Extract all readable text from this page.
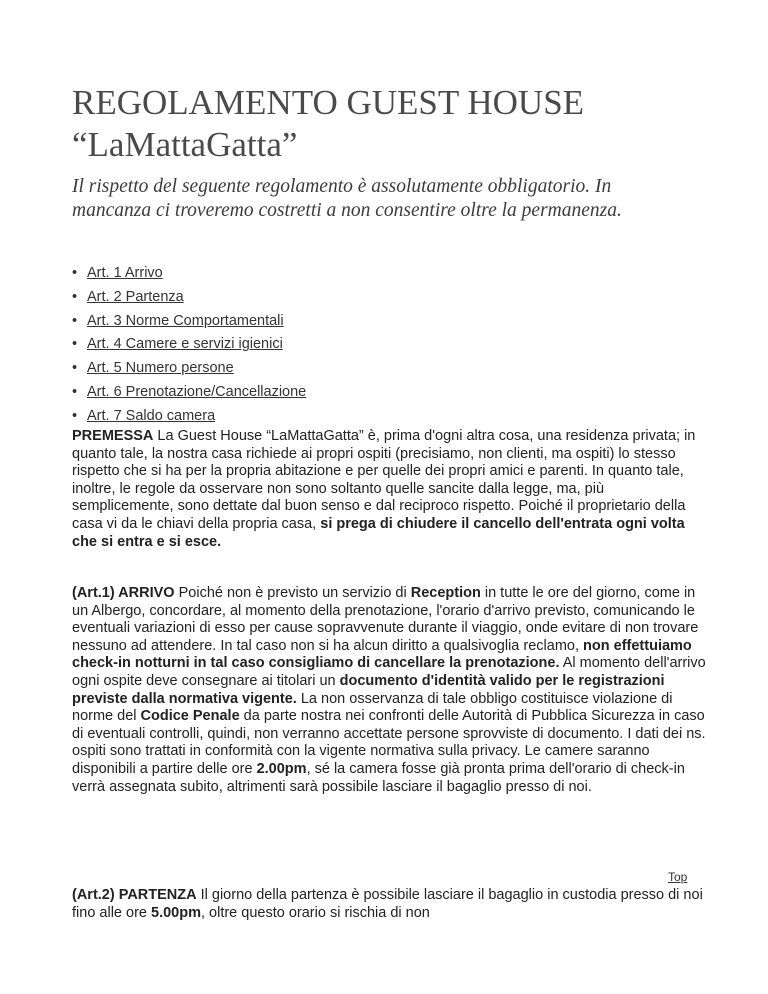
REGOLAMENTO GUEST HOUSE
“LaMattaGatta”

Il rispetto del seguente regolamento è assolutamente obbligatorio. In mancanza ci troveremo costretti a non consentire oltre la permanenza.

• Art. 1 Arrivo
• Art. 2 Partenza
• Art. 3 Norme Comportamentali
• Art. 4 Camere e servizi igienici
• Art. 5 Numero persone
• Art. 6 Prenotazione/Cancellazione
• Art. 7 Saldo camera

PREMESSA La Guest House “LaMattaGatta” è, prima d'ogni altra cosa, una residenza privata; in quanto tale, la nostra casa richiede ai propri ospiti (precisiamo, non clienti, ma ospiti) lo stesso rispetto che si ha per la propria abitazione e per quelle dei propri amici e parenti. In quanto tale, inoltre, le regole da osservare non sono soltanto quelle sancite dalla legge, ma, più semplicemente, sono dettate dal buon senso e dal reciproco rispetto. Poiché il proprietario della casa vi da le chiavi della propria casa, si prega di chiudere il cancello dell'entrata ogni volta che si entra e si esce.

(Art.1) ARRIVO Poiché non è previsto un servizio di Reception in tutte le ore del giorno, come in un Albergo, concordare, al momento della prenotazione, l'orario d'arrivo previsto, comunicando le eventuali variazioni di esso per cause sopravvenute durante il viaggio, onde evitare di non trovare nessuno ad attendere. In tal caso non si ha alcun diritto a qualsivoglia reclamo, non effettuiamo check-in notturni in tal caso consigliamo di cancellare la prenotazione. Al momento dell'arrivo ogni ospite deve consegnare ai titolari un documento d'identità valido per le registrazioni previste dalla normativa vigente. La non osservanza di tale obbligo costituisce violazione di norme del Codice Penale da parte nostra nei confronti delle Autorità di Pubblica Sicurezza in caso di eventuali controlli, quindi, non verranno accettate persone sprovviste di documento. I dati dei ns. ospiti sono trattati in conformità con la vigente normativa sulla privacy. Le camere saranno disponibili a partire delle ore 2.00pm, sé la camera fosse già pronta prima dell'orario di check-in verrà assegnata subito, altrimenti sarà possibile lasciare il bagaglio presso di noi.

Top

(Art.2) PARTENZA Il giorno della partenza è possibile lasciare il bagaglio in custodia presso di noi fino alle ore 5.00pm, oltre questo orario si rischia di non
